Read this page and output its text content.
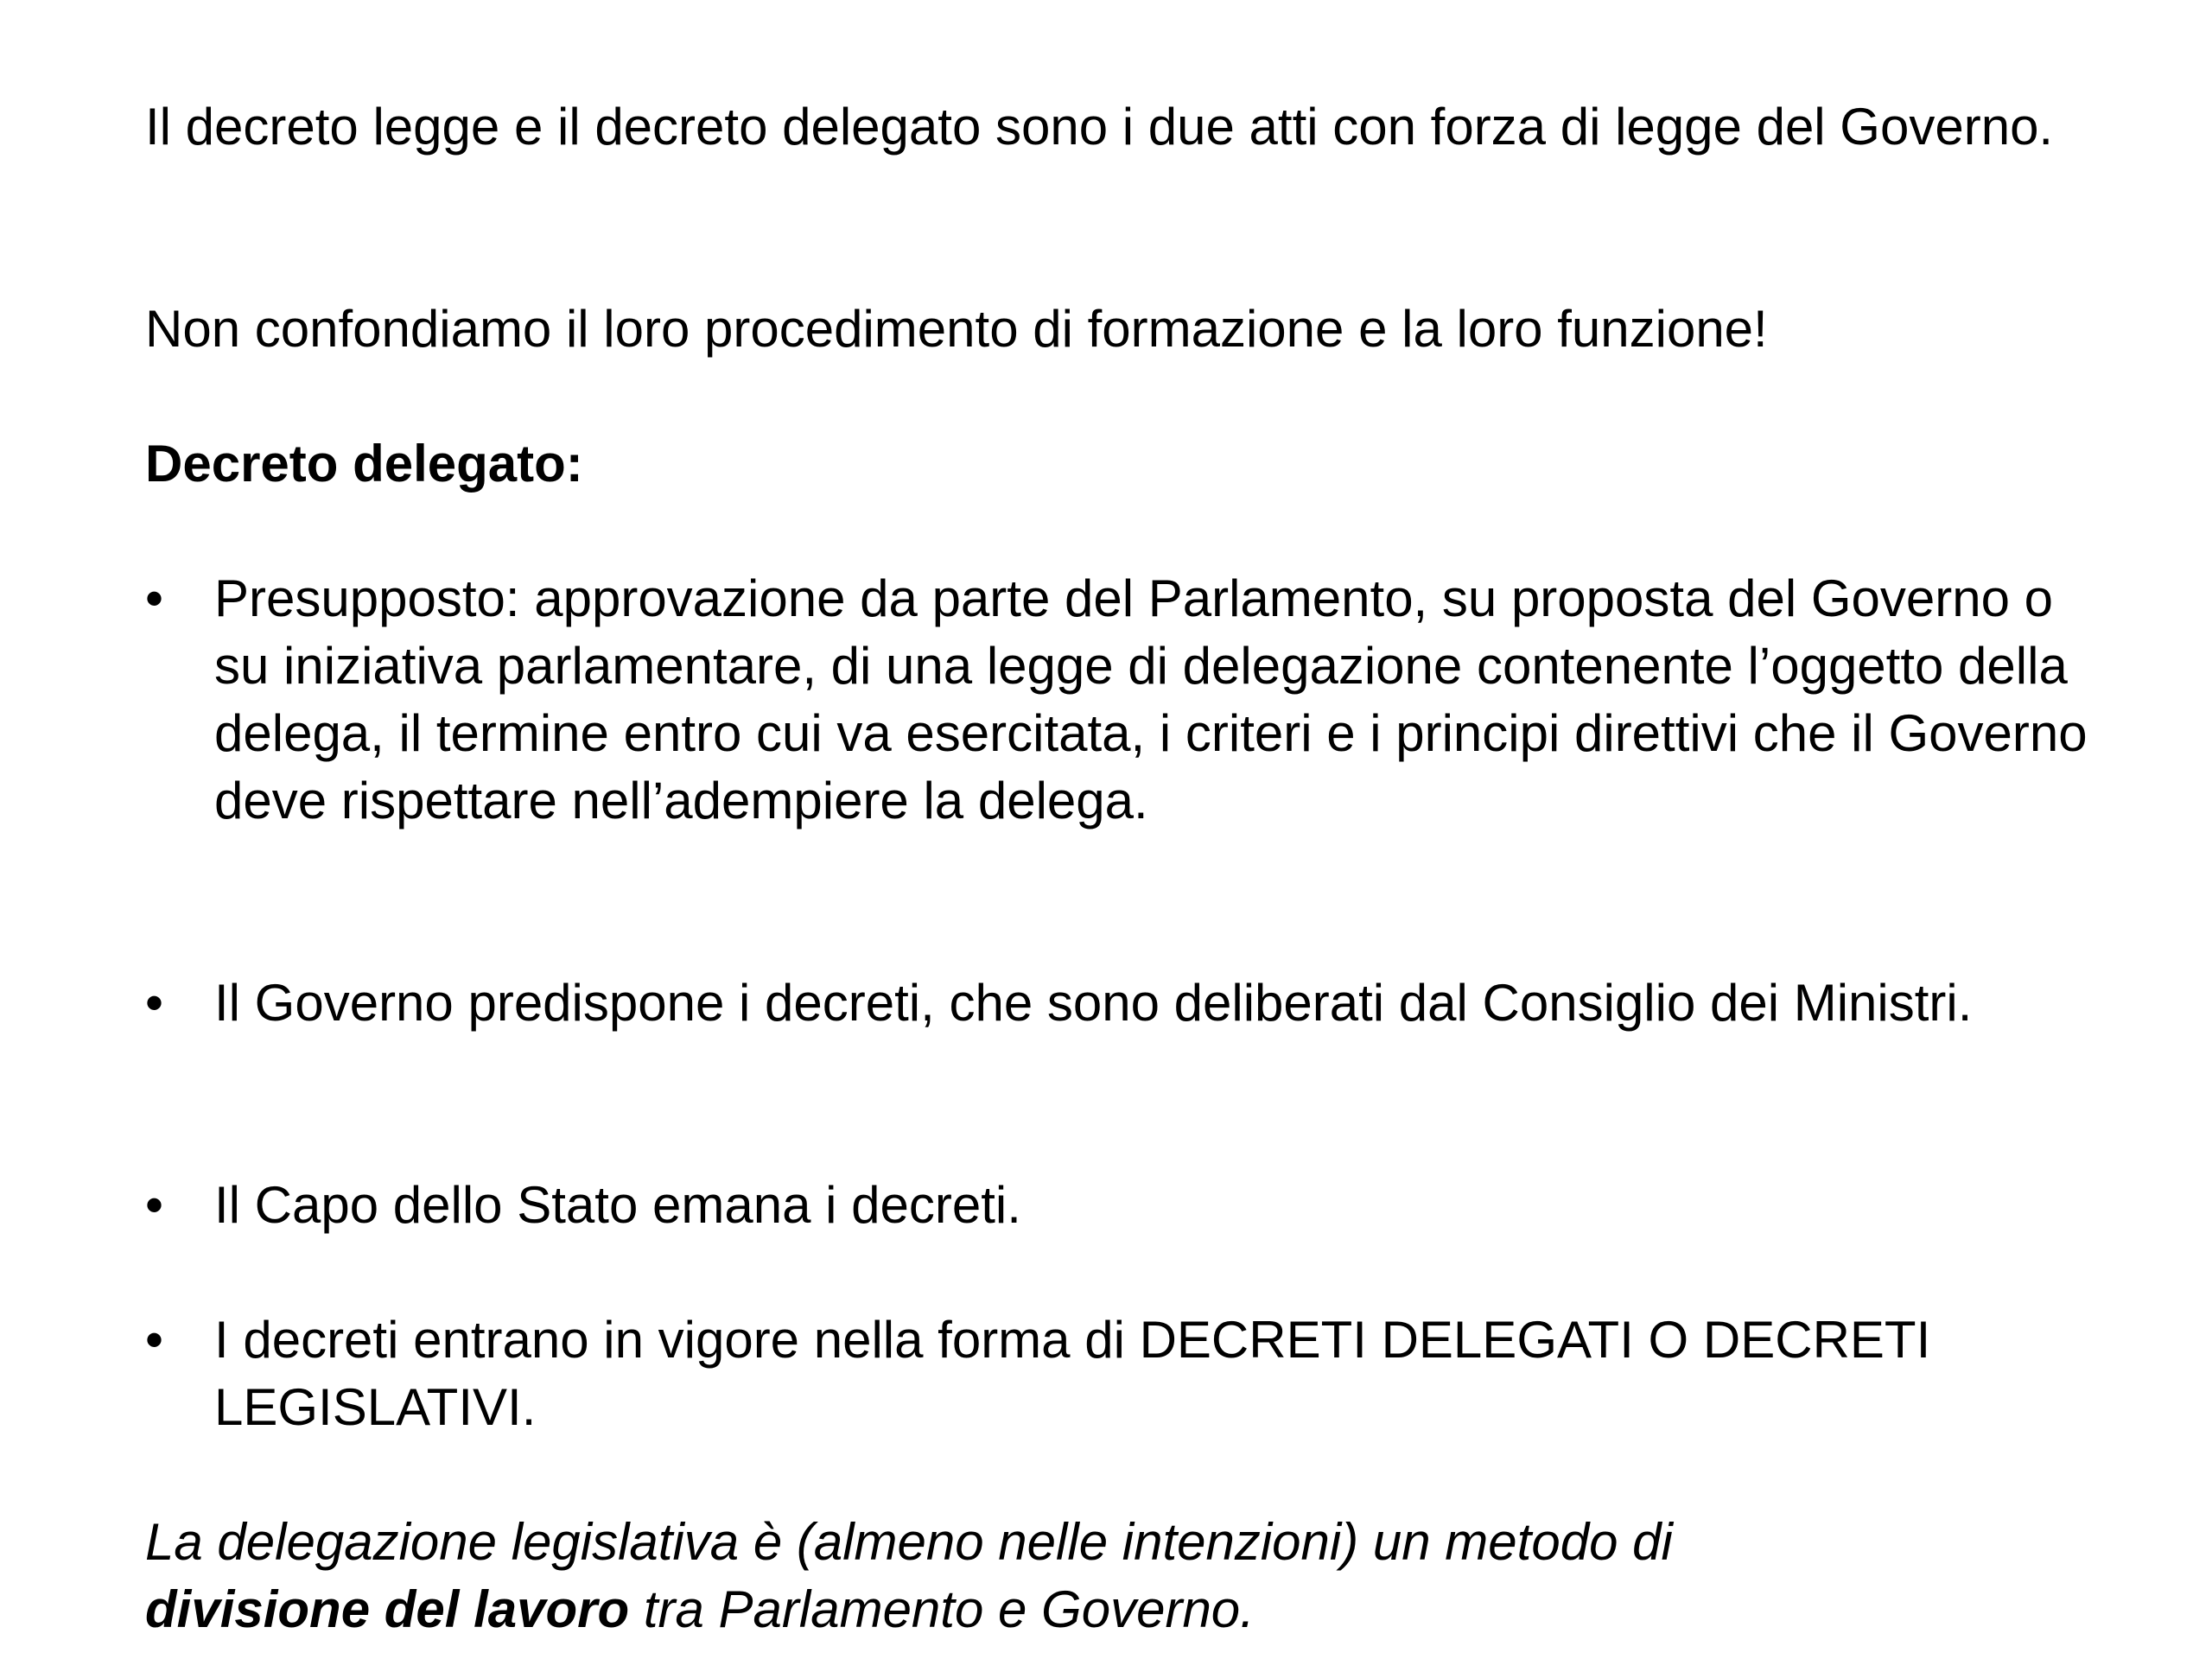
Il decreto legge e il decreto delegato sono i due atti con forza di legge del Governo.

Non confondiamo il loro procedimento di formazione e la loro funzione!

Decreto delegato:

• Presupposto: approvazione da parte del Parlamento, su proposta del Governo o su iniziativa parlamentare, di una legge di delegazione contenente l’oggetto della delega, il termine entro cui va esercitata, i criteri e i principi direttivi che il Governo deve rispettare nell’adempiere la delega.
• Il Governo predispone i decreti, che sono deliberati dal Consiglio dei Ministri.
• Il Capo dello Stato emana i decreti.
• I decreti entrano in vigore nella forma di DECRETI DELEGATI O DECRETI LEGISLATIVI.

La delegazione legislativa è (almeno nelle intenzioni) un metodo di
divisione del lavoro tra Parlamento e Governo.
